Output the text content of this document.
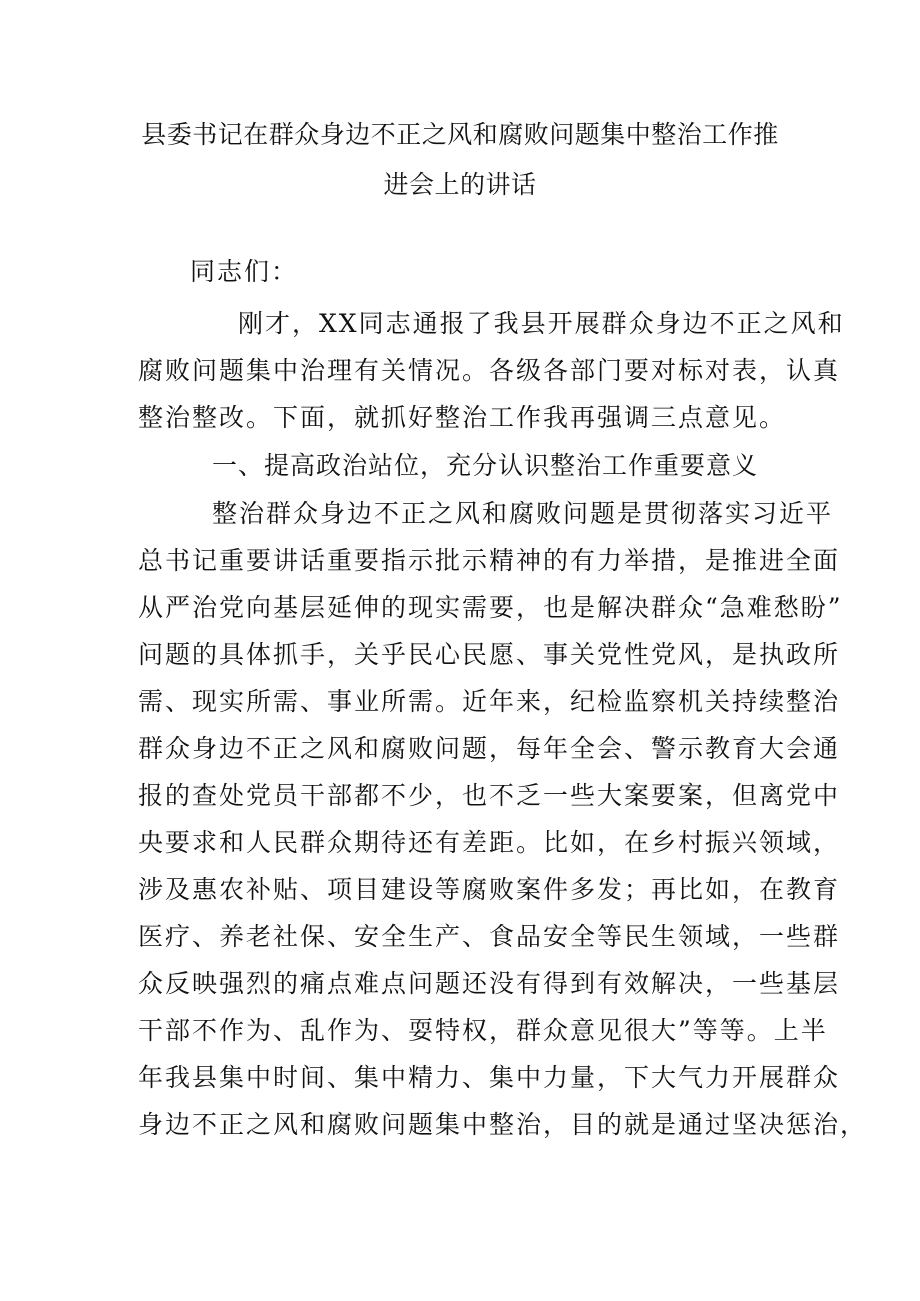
县委书记在群众身边不正之风和腐败问题集中整治工作推
进会上的讲话
同志们：
刚才，XX同志通报了我县开展群众身边不正之风和
腐败问题集中治理有关情况。各级各部门要对标对表，认真
整治整改。下面，就抓好整治工作我再强调三点意见。
一、提高政治站位，充分认识整治工作重要意义
整治群众身边不正之风和腐败问题是贯彻落实习近平
总书记重要讲话重要指示批示精神的有力举措，是推进全面
从严治党向基层延伸的现实需要，也是解决群众“急难愁盼”
问题的具体抓手，关乎民心民愿、事关党性党风，是执政所
需、现实所需、事业所需。近年来，纪检监察机关持续整治
群众身边不正之风和腐败问题，每年全会、警示教育大会通
报的查处党员干部都不少，也不乏一些大案要案，但离党中
央要求和人民群众期待还有差距。比如，在乡村振兴领域，
涉及惠农补贴、项目建设等腐败案件多发；再比如，在教育
医疗、养老社保、安全生产、食品安全等民生领域，一些群
众反映强烈的痛点难点问题还没有得到有效解决，一些基层
干部不作为、乱作为、耍特权，群众意见很大”等等。上半
年我县集中时间、集中精力、集中力量，下大气力开展群众
身边不正之风和腐败问题集中整治，目的就是通过坚决惩治，
